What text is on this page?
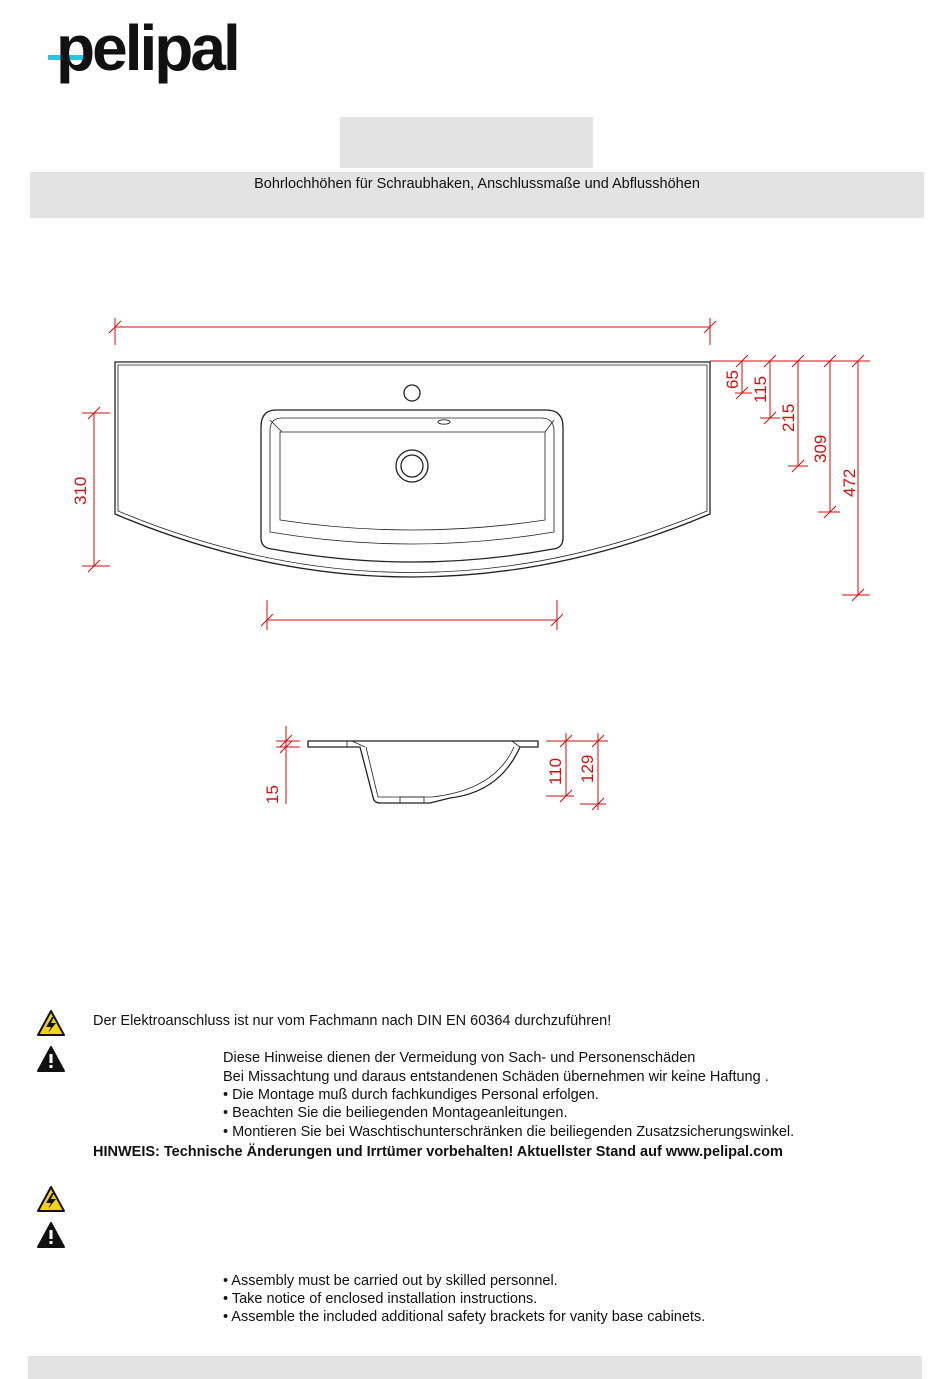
pelipal
Bohrlochhöhen für Schraubhaken, Anschlussmaße und Abflusshöhen
310
65 115
215
309
472
15
110 129
Der Elektroanschluss ist nur vom Fachmann nach DIN EN 60364 durchzuführen!
Diese Hinweise dienen der Vermeidung von Sach- und Personenschäden
Bei Missachtung und daraus entstandenen Schäden übernehmen wir keine Haftung .
• Die Montage muß durch fachkundiges Personal erfolgen.
• Beachten Sie die beiliegenden Montageanleitungen.
• Montieren Sie bei Waschtischunterschränken die beiliegenden Zusatzsicherungswinkel.
HINWEIS: Technische Änderungen und Irrtümer vorbehalten! Aktuellster Stand auf www.pelipal.com
• Assembly must be carried out by skilled personnel.
• Take notice of enclosed installation instructions.
• Assemble the included additional safety brackets for vanity base cabinets.
